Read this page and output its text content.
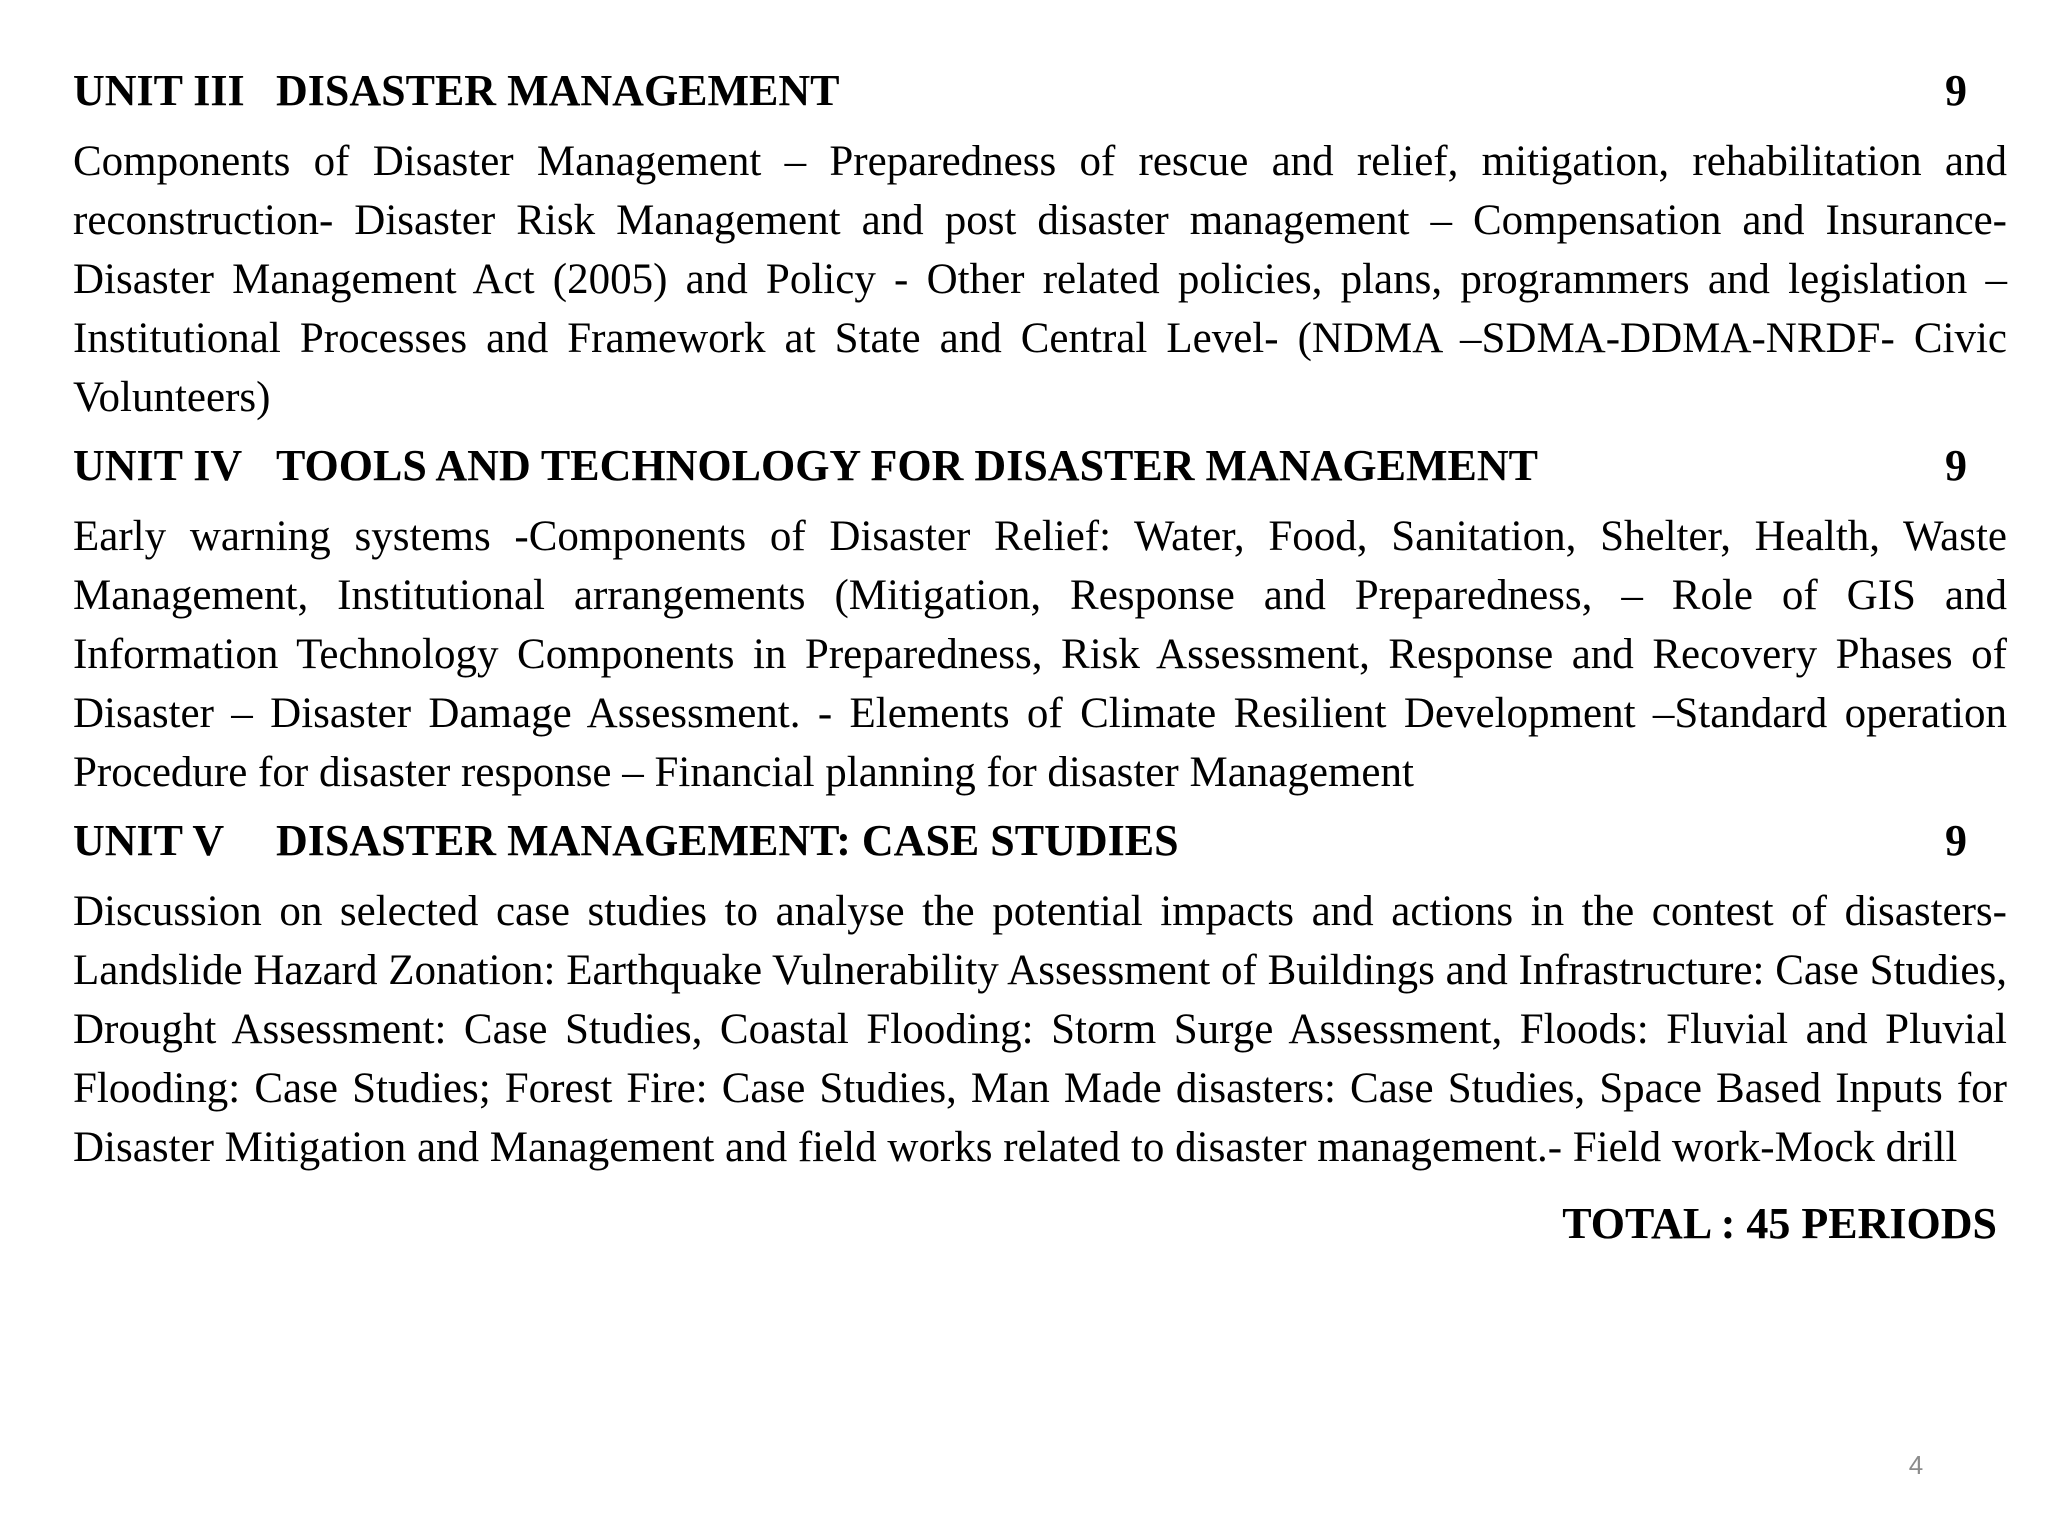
UNIT III DISASTER MANAGEMENT	9

Components of Disaster Management – Preparedness of rescue and relief, mitigation, rehabilitation and reconstruction- Disaster Risk Management and post disaster management – Compensation and Insurance- Disaster Management Act (2005) and Policy - Other related policies, plans, programmers and legislation – Institutional Processes and Framework at State and Central Level- (NDMA –SDMA-DDMA-NRDF- Civic Volunteers)

UNIT IV TOOLS AND TECHNOLOGY FOR DISASTER MANAGEMENT	9

Early warning systems -Components of Disaster Relief: Water, Food, Sanitation, Shelter, Health, Waste Management, Institutional arrangements (Mitigation, Response and Preparedness, – Role of GIS and Information Technology Components in Preparedness, Risk Assessment, Response and Recovery Phases of Disaster – Disaster Damage Assessment. - Elements of Climate Resilient Development –Standard operation Procedure for disaster response – Financial planning for disaster Management

UNIT V	DISASTER MANAGEMENT: CASE STUDIES	9

Discussion on selected case studies to analyse the potential impacts and actions in the contest of disasters-Landslide Hazard Zonation: Earthquake Vulnerability Assessment of Buildings and Infrastructure: Case Studies, Drought Assessment: Case Studies, Coastal Flooding: Storm Surge Assessment, Floods: Fluvial and Pluvial Flooding: Case Studies; Forest Fire: Case Studies, Man Made disasters: Case Studies, Space Based Inputs for Disaster Mitigation and Management and field works related to disaster management.- Field work-Mock drill

TOTAL : 45 PERIODS
4
